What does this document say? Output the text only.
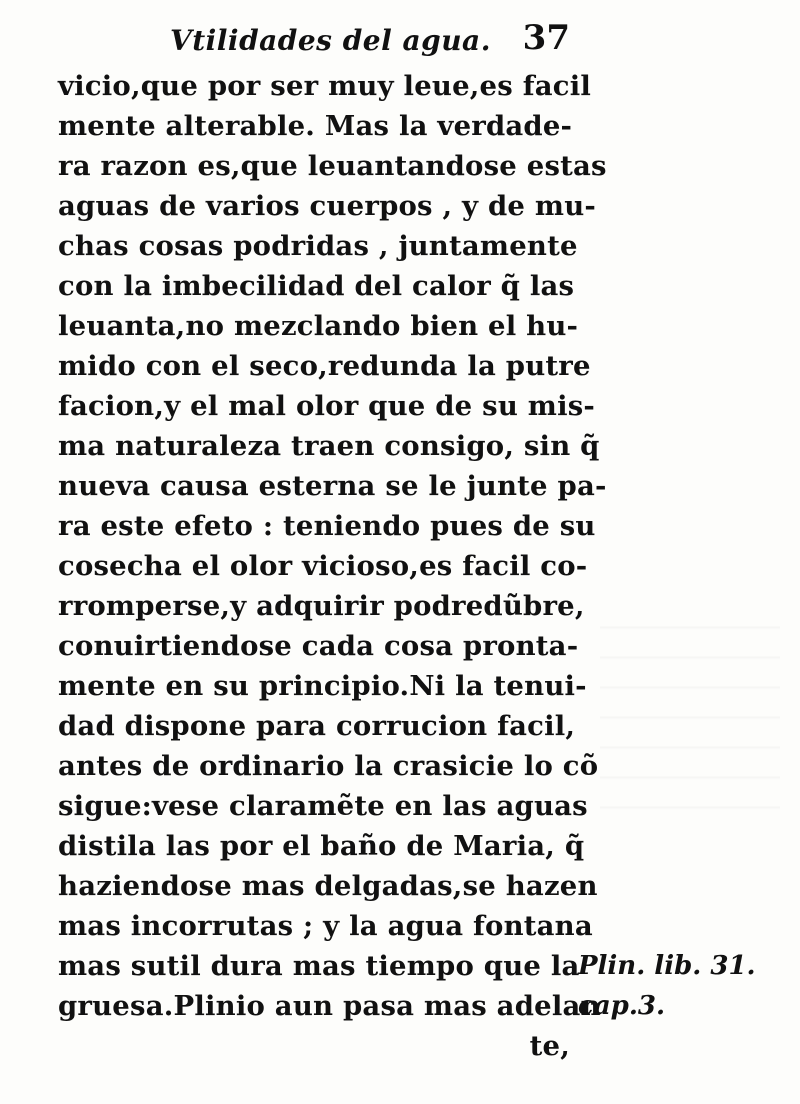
Vtilidades del agua. 37
vicio,que por ser muy leue,es facil
mente alterable. Mas la verdade-
ra razon es,que leuantandose estas
aguas de varios cuerpos , y de mu-
chas cosas podridas , juntamente
con la imbecilidad del calor q̃ las
leuanta,no mezclando bien el hu-
mido con el seco,redunda la putre
facion,y el mal olor que de su mis-
ma naturaleza traen consigo, sin q̃
nueva causa esterna se le junte pa-
ra este efeto : teniendo pues de su
cosecha el olor vicioso,es facil co-
rromperse,y adquirir podredũbre,
conuirtiendose cada cosa pronta-
mente en su principio.Ni la tenui-
dad dispone para corrucion facil,
antes de ordinario la crasicie lo cõ
sigue:vese claramẽte en las aguas
distila las por el baño de Maria, q̃
haziendose mas delgadas,se hazen
mas incorrutas ; y la agua fontana
mas sutil dura mas tiempo que la
gruesa.Plinio aun pasa mas adelan
te,
Plin. lib. 31.
cap.3.
